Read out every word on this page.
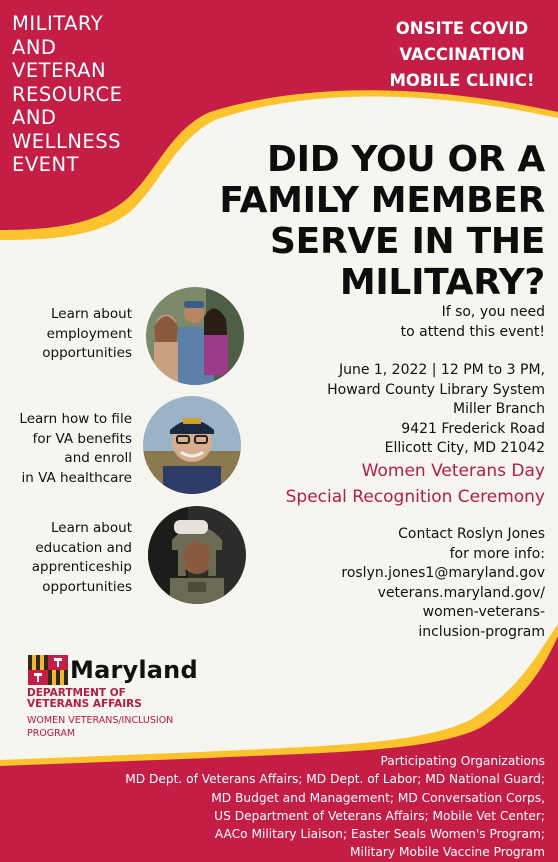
MILITARY
AND
VETERAN
RESOURCE
AND
WELLNESS
EVENT
ONSITE COVID
VACCINATION
MOBILE CLINIC!
DID YOU OR A
FAMILY MEMBER
SERVE IN THE
MILITARY?
Learn about
employment
opportunities
Learn how to file
for VA benefits
and enroll
in VA healthcare
Learn about
education and
apprenticeship
opportunities
If so, you need
to attend this event!
June 1, 2022 | 12 PM to 3 PM,
Howard County Library System
Miller Branch
9421 Frederick Road
Ellicott City, MD 21042
Women Veterans Day
Special Recognition Ceremony
Contact Roslyn Jones
for more info:
roslyn.jones1@maryland.gov
veterans.maryland.gov/
women-veterans-
inclusion-program
Maryland
DEPARTMENT OF
VETERANS AFFAIRS
WOMEN VETERANS/INCLUSION
PROGRAM
Participating Organizations
MD Dept. of Veterans Affairs; MD Dept. of Labor; MD National Guard;
MD Budget and Management; MD Conversation Corps,
US Department of Veterans Affairs; Mobile Vet Center;
AACo Military Liaison; Easter Seals Women's Program;
Military Mobile Vaccine Program
